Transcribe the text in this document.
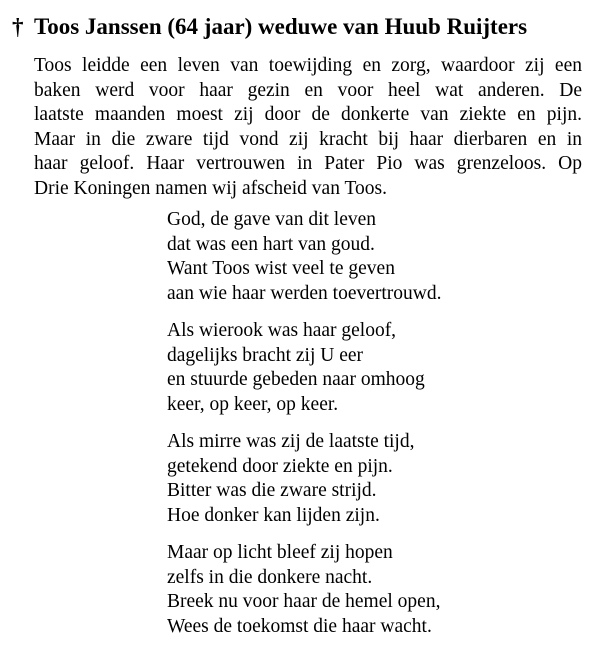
† Toos Janssen (64 jaar) weduwe van Huub Ruijters
Toos leidde een leven van toewijding en zorg, waardoor zij een
baken werd voor haar gezin en voor heel wat anderen. De
laatste maanden moest zij door de donkerte van ziekte en pijn.
Maar in die zware tijd vond zij kracht bij haar dierbaren en in
haar geloof. Haar vertrouwen in Pater Pio was grenzeloos. Op
Drie Koningen namen wij afscheid van Toos.
God, de gave van dit leven
dat was een hart van goud.
Want Toos wist veel te geven
aan wie haar werden toevertrouwd.
Als wierook was haar geloof,
dagelijks bracht zij U eer
en stuurde gebeden naar omhoog
keer, op keer, op keer.
Als mirre was zij de laatste tijd,
getekend door ziekte en pijn.
Bitter was die zware strijd.
Hoe donker kan lijden zijn.
Maar op licht bleef zij hopen
zelfs in die donkere nacht.
Breek nu voor haar de hemel open,
Wees de toekomst die haar wacht.
